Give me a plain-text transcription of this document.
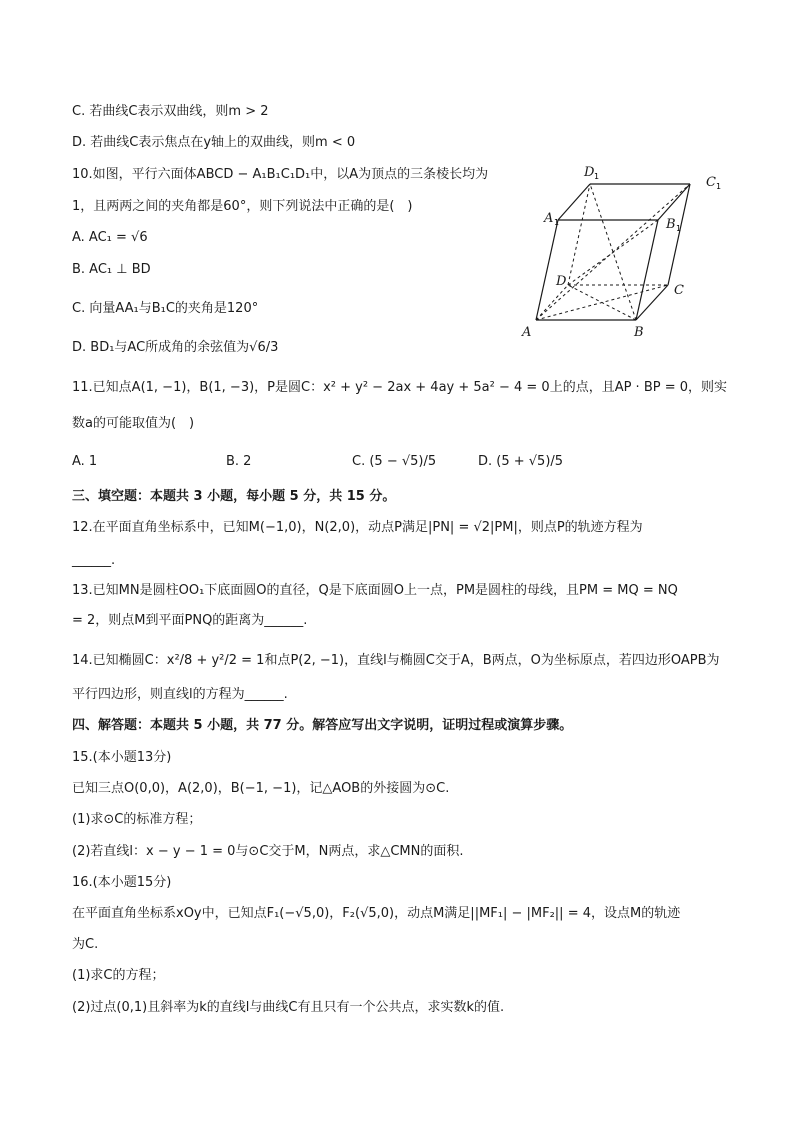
C. 若曲线C表示双曲线，则m > 2
D. 若曲线C表示焦点在y轴上的双曲线，则m < 0
10.如图，平行六面体ABCD − A₁B₁C₁D₁中，以A为顶点的三条棱长均为
1，且两两之间的夹角都是60°，则下列说法中正确的是(　)
A. AC₁ = √6
B. AC₁ ⊥ BD
C. 向量AA₁与B₁C的夹角是120°
D. BD₁与AC所成角的余弦值为√6/3
11.已知点A(1, −1)，B(1, −3)，P是圆C：x² + y² − 2ax + 4ay + 5a² − 4 = 0上的点，且AP · BP = 0，则实
数a的可能取值为(　)
A. 1	B. 2	C. (5 − √5)/5	D. (5 + √5)/5
三、填空题：本题共 3 小题，每小题 5 分，共 15 分。
12.在平面直角坐标系中，已知M(−1,0)，N(2,0)，动点P满足|PN| = √2|PM|，则点P的轨迹方程为
______.
13.已知MN是圆柱OO₁下底面圆O的直径，Q是下底面圆O上一点，PM是圆柱的母线，且PM = MQ = NQ
= 2，则点M到平面PNQ的距离为______.
14.已知椭圆C：x²/8 + y²/2 = 1和点P(2, −1)，直线l与椭圆C交于A，B两点，O为坐标原点，若四边形OAPB为
平行四边形，则直线l的方程为______.
四、解答题：本题共 5 小题，共 77 分。解答应写出文字说明，证明过程或演算步骤。
15.(本小题13分)
已知三点O(0,0)，A(2,0)，B(−1, −1)，记△AOB的外接圆为⊙C.
(1)求⊙C的标准方程；
(2)若直线l：x − y − 1 = 0与⊙C交于M，N两点，求△CMN的面积.
16.(本小题15分)
在平面直角坐标系xOy中，已知点F₁(−√5,0)，F₂(√5,0)，动点M满足||MF₁| − |MF₂|| = 4，设点M的轨迹
为C.
(1)求C的方程；
(2)过点(0,1)且斜率为k的直线l与曲线C有且只有一个公共点，求实数k的值.
A	B
C
D
A 1	B 1
C 1
D 1
